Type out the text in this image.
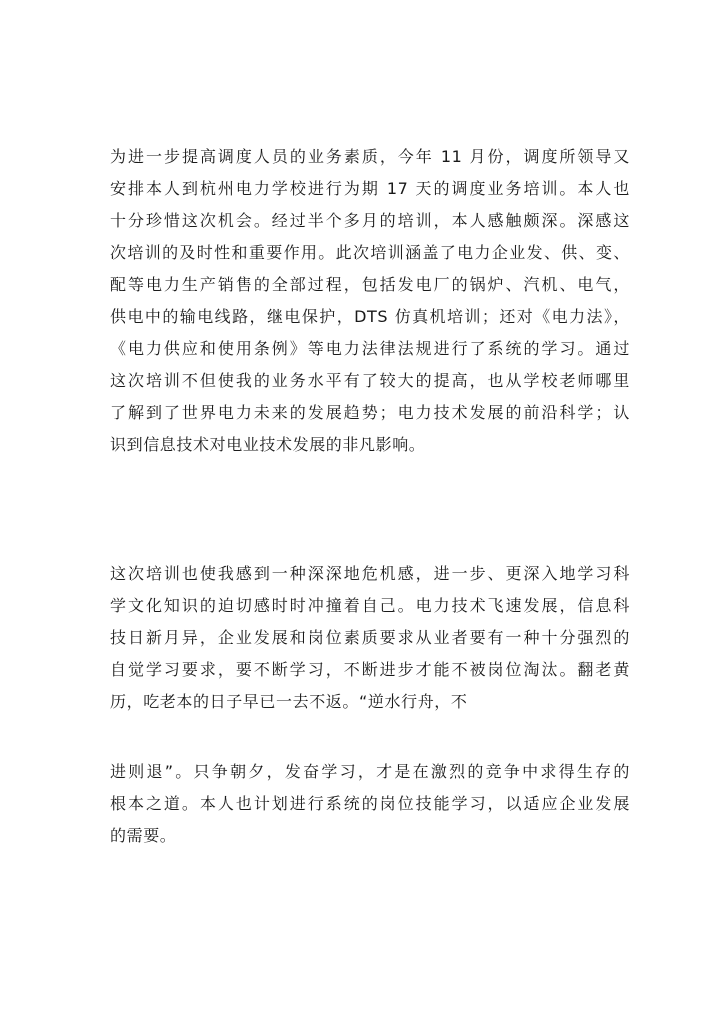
为进一步提高调度人员的业务素质，今年 11 月份，调度所领导又
安排本人到杭州电力学校进行为期 17 天的调度业务培训。本人也
十分珍惜这次机会。经过半个多月的培训，本人感触颇深。深感这
次培训的及时性和重要作用。此次培训涵盖了电力企业发、供、变、
配等电力生产销售的全部过程，包括发电厂的锅炉、汽机、电气，
供电中的输电线路，继电保护，DTS 仿真机培训；还对《电力法》，
《电力供应和使用条例》等电力法律法规进行了系统的学习。通过
这次培训不但使我的业务水平有了较大的提高，也从学校老师哪里
了解到了世界电力未来的发展趋势；电力技术发展的前沿科学；认
识到信息技术对电业技术发展的非凡影响。
这次培训也使我感到一种深深地危机感，进一步、更深入地学习科
学文化知识的迫切感时时冲撞着自己。电力技术飞速发展，信息科
技日新月异，企业发展和岗位素质要求从业者要有一种十分强烈的
自觉学习要求，要不断学习，不断进步才能不被岗位淘汰。翻老黄
历，吃老本的日子早已一去不返。“逆水行舟，不
进则退”。只争朝夕，发奋学习，才是在激烈的竞争中求得生存的
根本之道。本人也计划进行系统的岗位技能学习，以适应企业发展
的需要。
